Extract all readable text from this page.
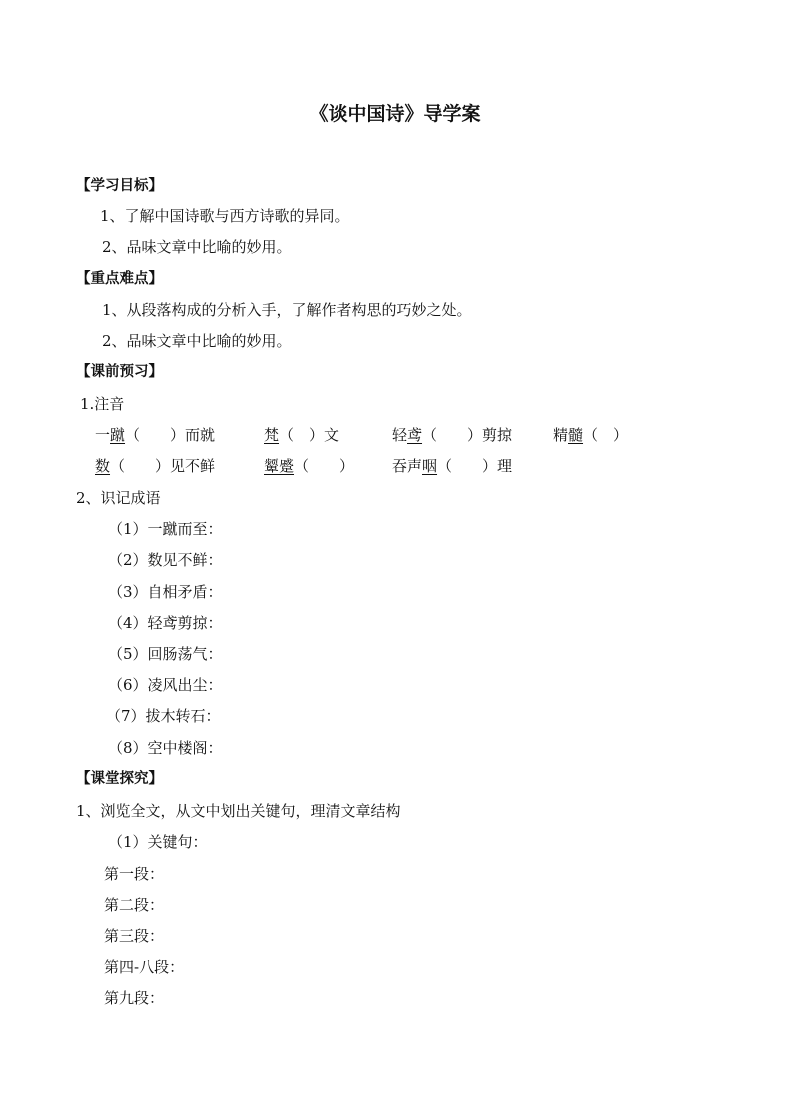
《谈中国诗》导学案
【学习目标】
1、了解中国诗歌与西方诗歌的异同。
2、品味文章中比喻的妙用。
【重点难点】
1、从段落构成的分析入手，了解作者构思的巧妙之处。
2、品味文章中比喻的妙用。
【课前预习】
1.注音
一蹴（　　）而就	梵（　）文	轻鸢（　　）剪掠	精髓（　）
数（　　）见不鲜	颦蹙（　　）	吞声咽（　　）理
2、识记成语
（1）一蹴而至：
（2）数见不鲜：
（3）自相矛盾：
（4）轻鸢剪掠：
（5）回肠荡气：
（6）凌风出尘：
（7）拔木转石：
（8）空中楼阁：
【课堂探究】
1、浏览全文，从文中划出关键句，理清文章结构
（1）关键句：
第一段：
第二段：
第三段：
第四-八段：
第九段：
